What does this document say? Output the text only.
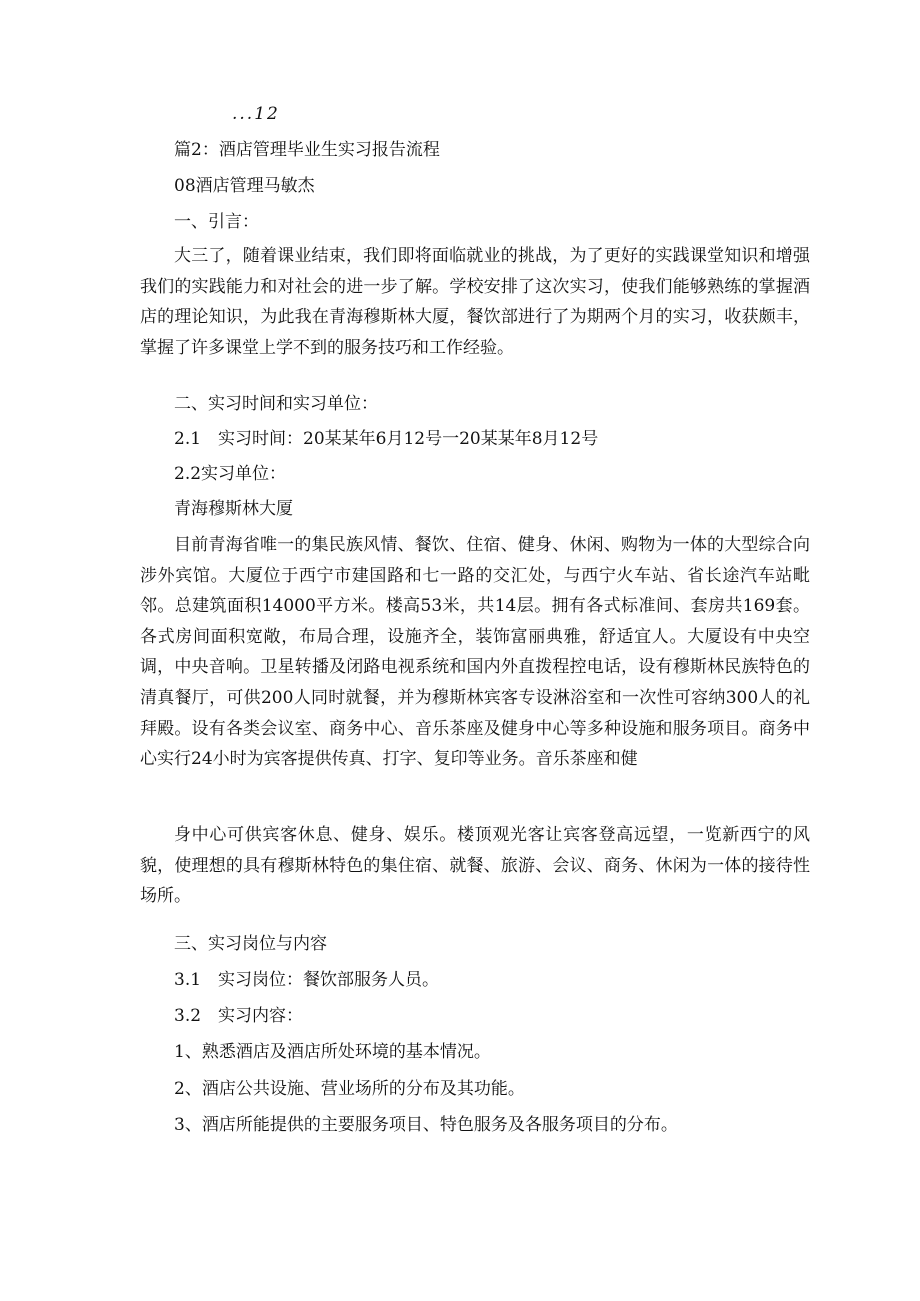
...12
篇2：酒店管理毕业生实习报告流程
08酒店管理马敏杰
一、引言：
大三了，随着课业结束，我们即将面临就业的挑战，为了更好的实践课堂知识和增强我们的实践能力和对社会的进一步了解。学校安排了这次实习，使我们能够熟练的掌握酒店的理论知识，为此我在青海穆斯林大厦，餐饮部进行了为期两个月的实习，收获颇丰，掌握了许多课堂上学不到的服务技巧和工作经验。
二、实习时间和实习单位：
2.1　实习时间：20某某年6月12号一20某某年8月12号
2.2实习单位：
青海穆斯林大厦
目前青海省唯一的集民族风情、餐饮、住宿、健身、休闲、购物为一体的大型综合向涉外宾馆。大厦位于西宁市建国路和七一路的交汇处，与西宁火车站、省长途汽车站毗邻。总建筑面积14000平方米。楼高53米，共14层。拥有各式标准间、套房共169套。各式房间面积宽敞，布局合理，设施齐全，装饰富丽典雅，舒适宜人。大厦设有中央空调，中央音响。卫星转播及闭路电视系统和国内外直拨程控电话，设有穆斯林民族特色的清真餐厅，可供200人同时就餐，并为穆斯林宾客专设淋浴室和一次性可容纳300人的礼拜殿。设有各类会议室、商务中心、音乐茶座及健身中心等多种设施和服务项目。商务中心实行24小时为宾客提供传真、打字、复印等业务。音乐茶座和健
身中心可供宾客休息、健身、娱乐。楼顶观光客让宾客登高远望，一览新西宁的风貌，使理想的具有穆斯林特色的集住宿、就餐、旅游、会议、商务、休闲为一体的接待性场所。
三、实习岗位与内容
3.1　实习岗位：餐饮部服务人员。
3.2　实习内容：
1、熟悉酒店及酒店所处环境的基本情况。
2、酒店公共设施、营业场所的分布及其功能。
3、酒店所能提供的主要服务项目、特色服务及各服务项目的分布。
